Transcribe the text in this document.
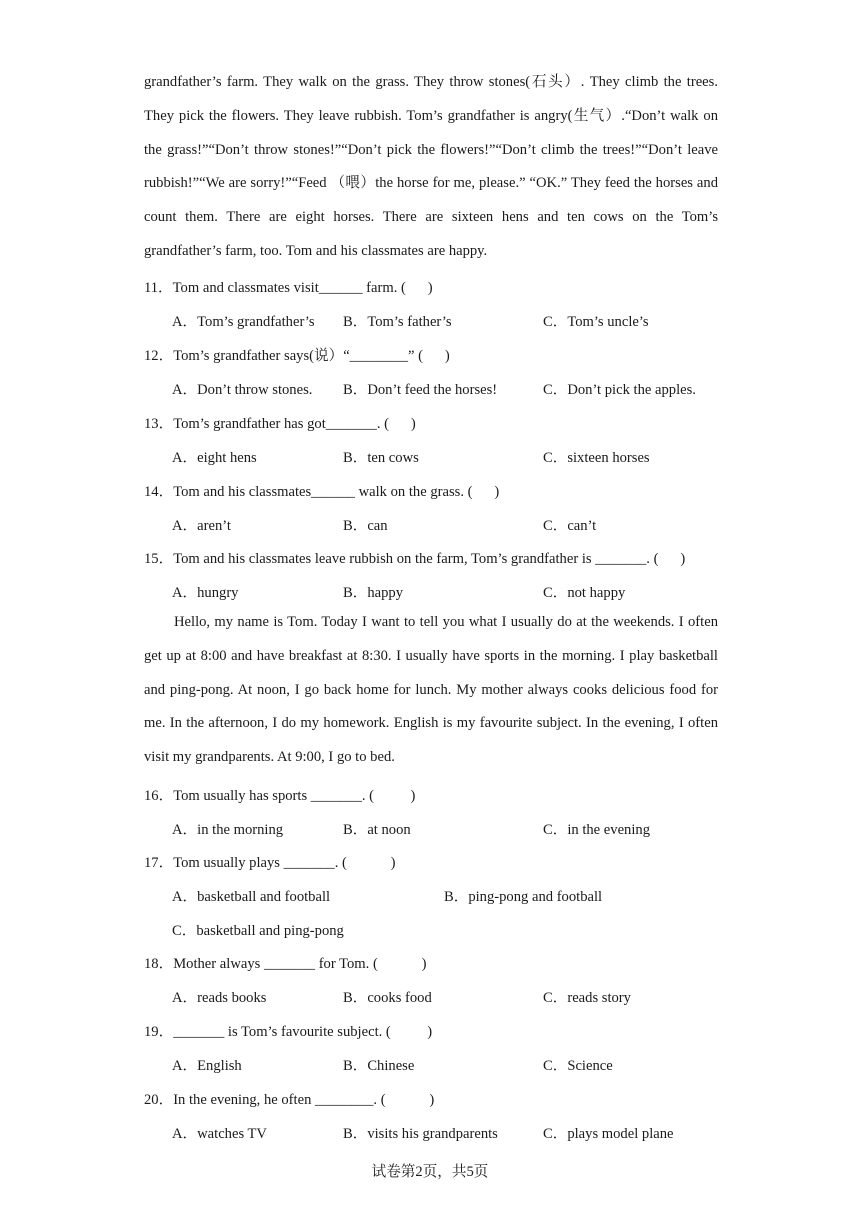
grandfather’s farm. They walk on the grass. They throw stones(石头）. They climb the trees. They pick the flowers. They leave rubbish. Tom’s grandfather is angry(生气）.“Don’t walk on the grass!”“Don’t throw stones!”“Don’t pick the flowers!”“Don’t climb the trees!”“Don’t leave rubbish!”“We are sorry!”“Feed （喂）the horse for me, please.” “OK.” They feed the horses and count them. There are eight horses. There are sixteen hens and ten cows on the Tom’s grandfather’s farm, too. Tom and his classmates are happy.

11．Tom and classmates visit______ farm. (      )
A．Tom’s grandfather’s B．Tom’s father’s	C．Tom’s uncle’s
12．Tom’s grandfather says(说）“________” (      )
A．Don’t throw stones. B．Don’t feed the horses!	C．Don’t pick the apples.
13．Tom’s grandfather has got_______. (      )
A．eight hens	B．ten cows	C．sixteen horses
14．Tom and his classmates______ walk on the grass. (      )
A．aren’t	B．can	C．can’t
15．Tom and his classmates leave rubbish on the farm, Tom’s grandfather is _______. (      )
A．hungry	B．happy	C．not happy

Hello, my name is Tom. Today I want to tell you what I usually do at the weekends. I often get up at 8:00 and have breakfast at 8:30. I usually have sports in the morning. I play basketball and ping-pong. At noon, I go back home for lunch. My mother always cooks delicious food for me. In the afternoon, I do my homework. English is my favourite subject. In the evening, I often visit my grandparents. At 9:00, I go to bed.

16．Tom usually has sports _______. (          )
A．in the morning	B．at noon	C．in the evening
17．Tom usually plays _______. (            )
A．basketball and football	B．ping-pong and football
C．basketball and ping-pong
18．Mother always _______ for Tom. (            )
A．reads books	B．cooks food	C．reads story
19．_______ is Tom’s favourite subject. (          )
A．English	B．Chinese	C．Science
20．In the evening, he often ________. (            )
A．watches TV	B．visits his grandparents	C．plays model plane
试卷第2页，共5页
